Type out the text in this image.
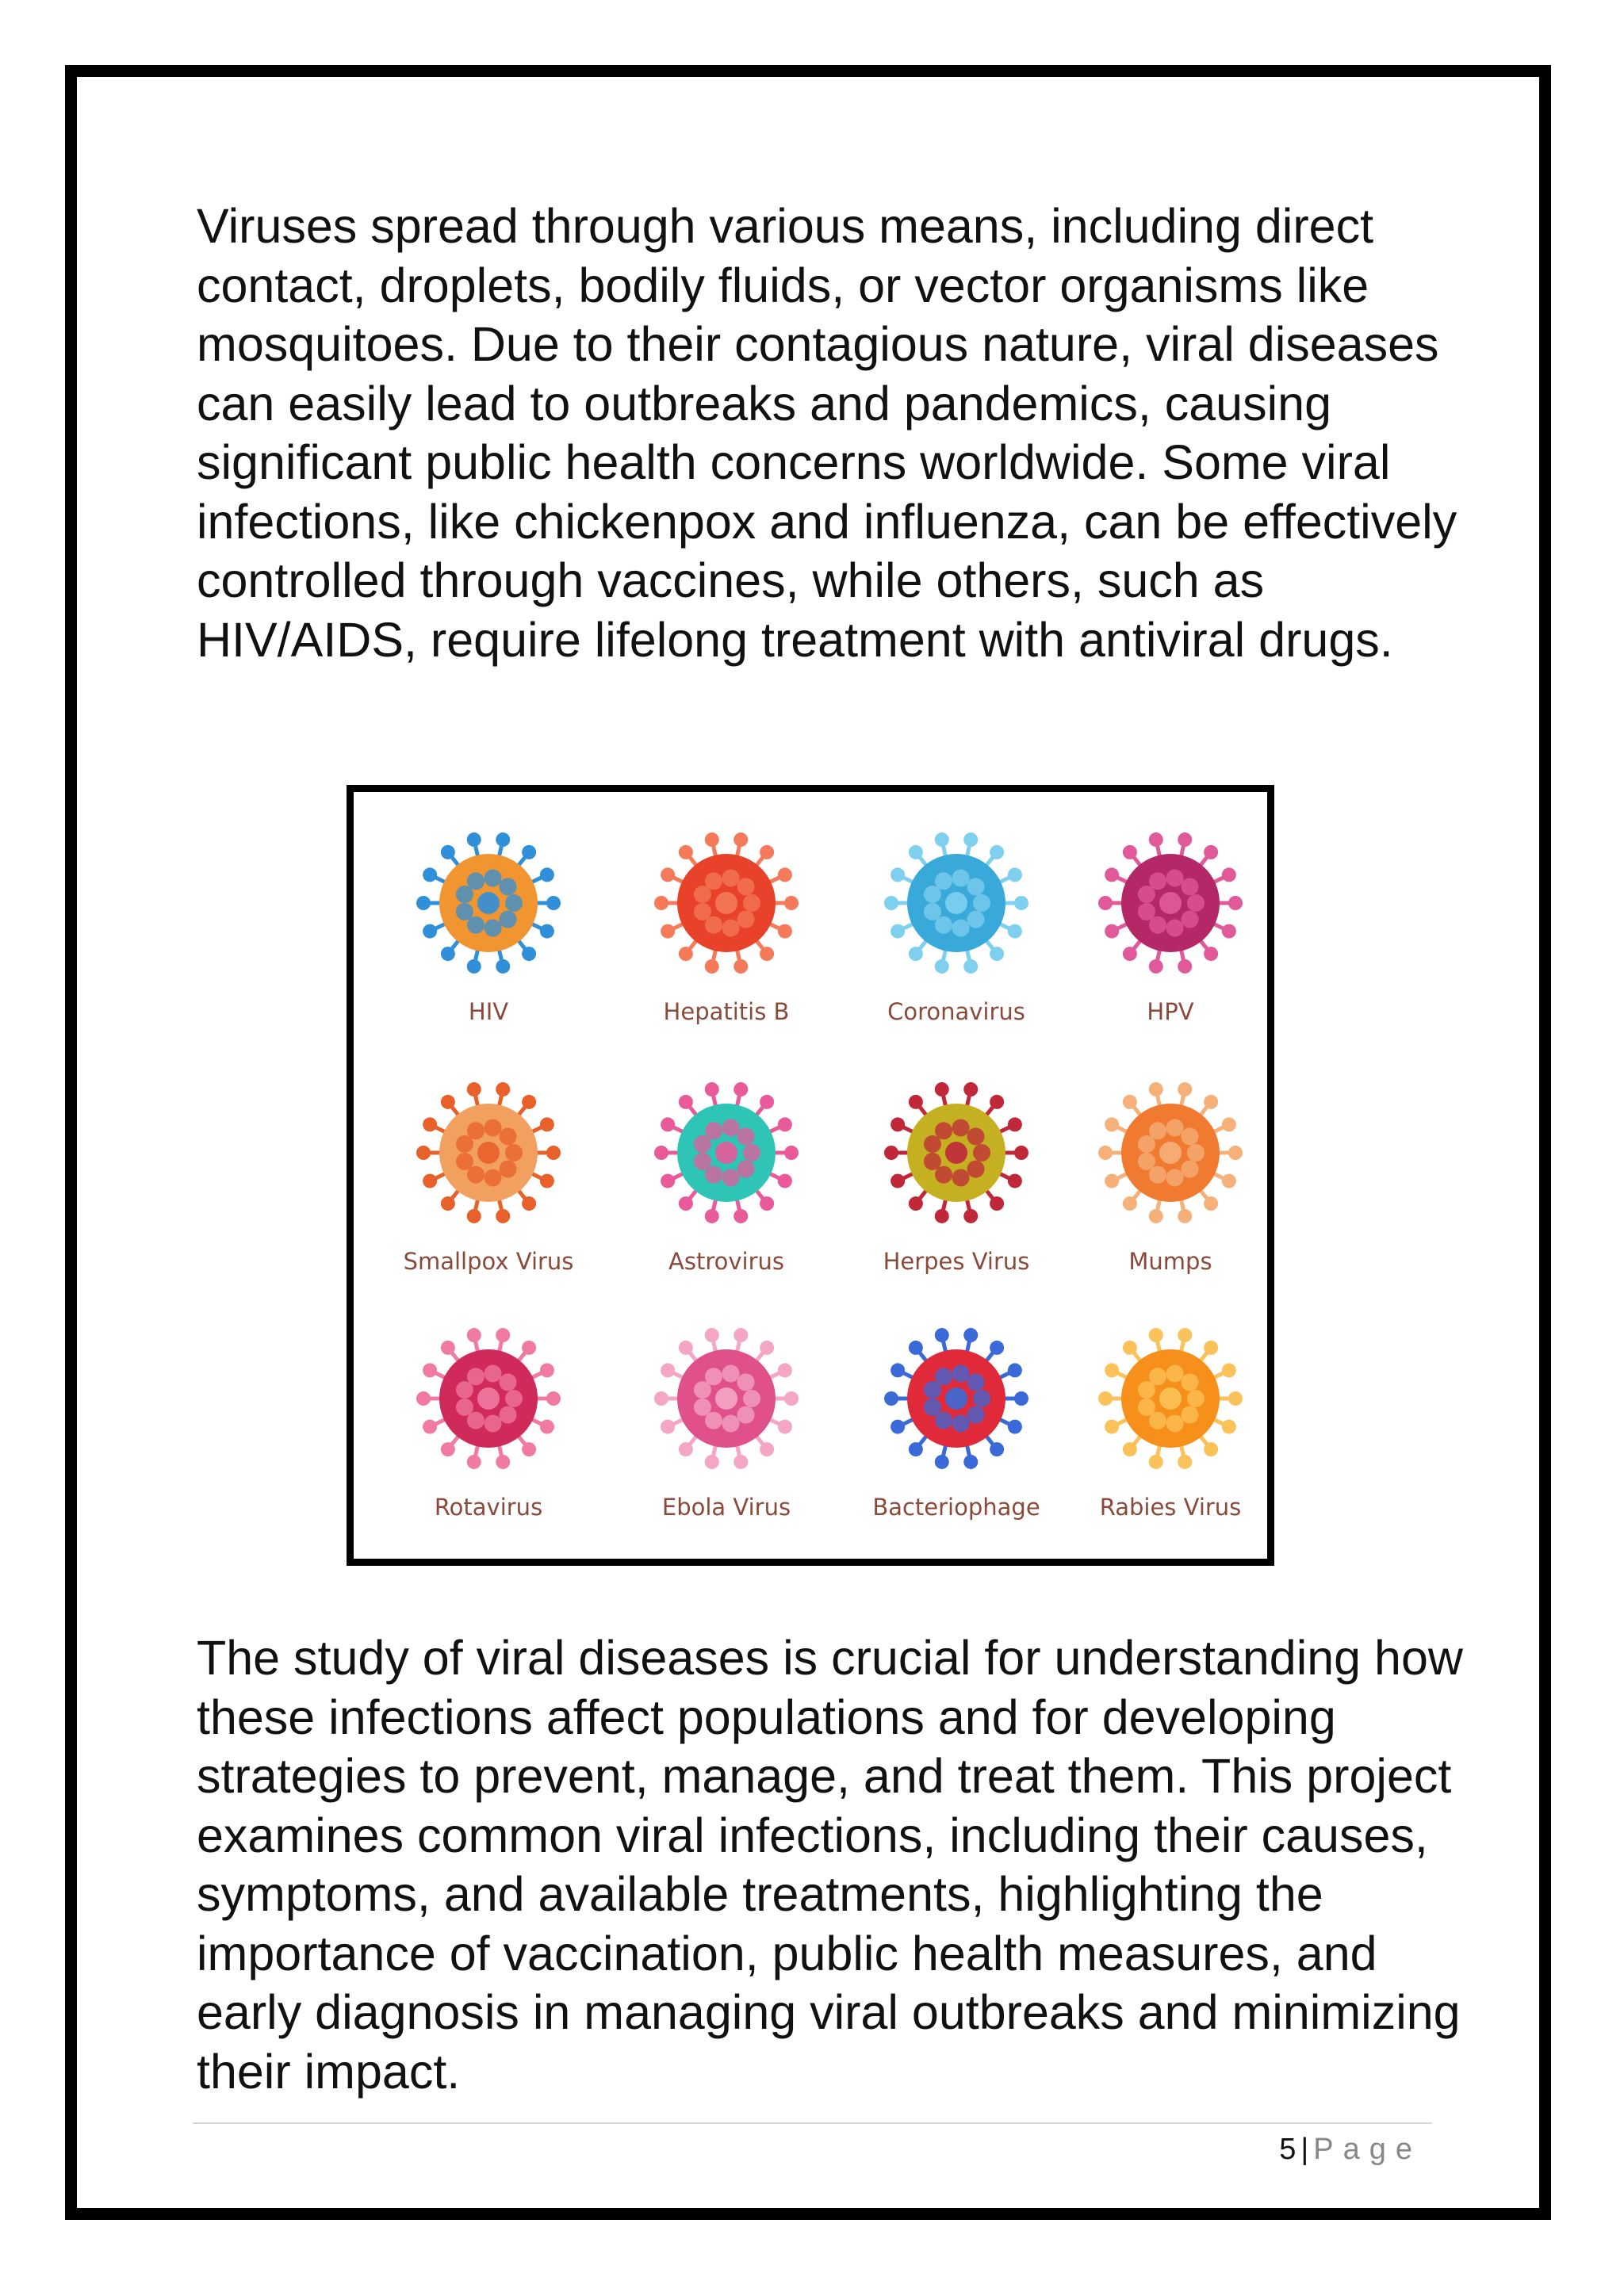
Viruses spread through various means, including direct contact, droplets, bodily fluids, or vector organisms like mosquitoes. Due to their contagious nature, viral diseases can easily lead to outbreaks and pandemics, causing significant public health concerns worldwide. Some viral infections, like chickenpox and influenza, can be effectively controlled through vaccines, while others, such as HIV/AIDS, require lifelong treatment with antiviral drugs.

HIV	Hepatitis B	Coronavirus	HPV
Smallpox Virus	Astrovirus	Herpes Virus	Mumps
Rotavirus	Ebola Virus	Bacteriophage	Rabies Virus

The study of viral diseases is crucial for understanding how these infections affect populations and for developing strategies to prevent, manage, and treat them. This project examines common viral infections, including their causes, symptoms, and available treatments, highlighting the importance of vaccination, public health measures, and early diagnosis in managing viral outbreaks and minimizing their impact.

5|Page
